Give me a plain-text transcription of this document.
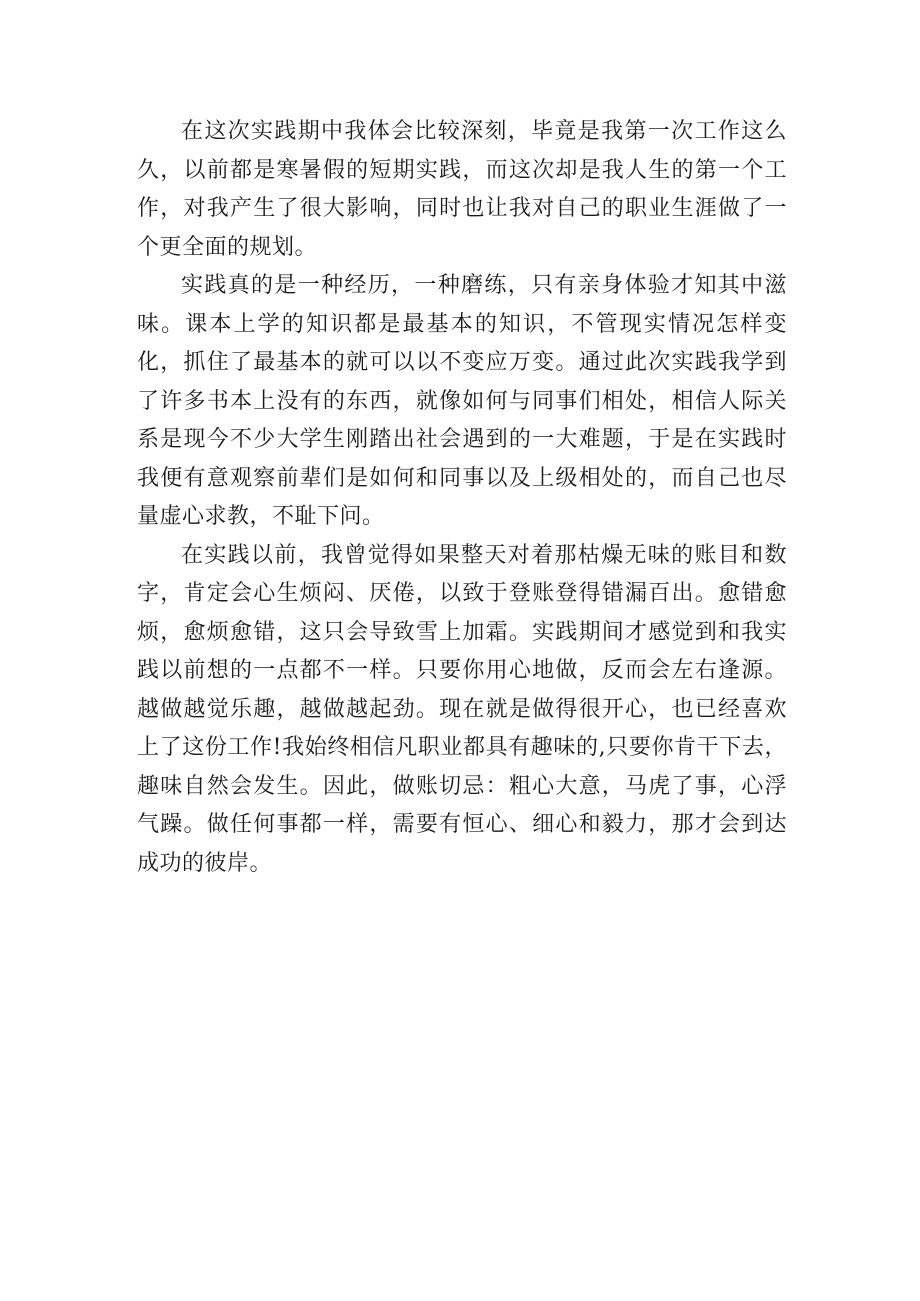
在这次实践期中我体会比较深刻，毕竟是我第一次工作这么久，以前都是寒暑假的短期实践，而这次却是我人生的第一个工作，对我产生了很大影响，同时也让我对自己的职业生涯做了一个更全面的规划。

实践真的是一种经历，一种磨练，只有亲身体验才知其中滋味。课本上学的知识都是最基本的知识，不管现实情况怎样变化，抓住了最基本的就可以以不变应万变。通过此次实践我学到了许多书本上没有的东西，就像如何与同事们相处，相信人际关系是现今不少大学生刚踏出社会遇到的一大难题，于是在实践时我便有意观察前辈们是如何和同事以及上级相处的，而自己也尽量虚心求教，不耻下问。

在实践以前，我曾觉得如果整天对着那枯燥无味的账目和数字，肯定会心生烦闷、厌倦，以致于登账登得错漏百出。愈错愈烦，愈烦愈错，这只会导致雪上加霜。实践期间才感觉到和我实践以前想的一点都不一样。只要你用心地做，反而会左右逢源。越做越觉乐趣，越做越起劲。现在就是做得很开心，也已经喜欢上了这份工作!我始终相信凡职业都具有趣味的,只要你肯干下去，趣味自然会发生。因此，做账切忌：粗心大意，马虎了事，心浮气躁。做任何事都一样，需要有恒心、细心和毅力，那才会到达成功的彼岸。
